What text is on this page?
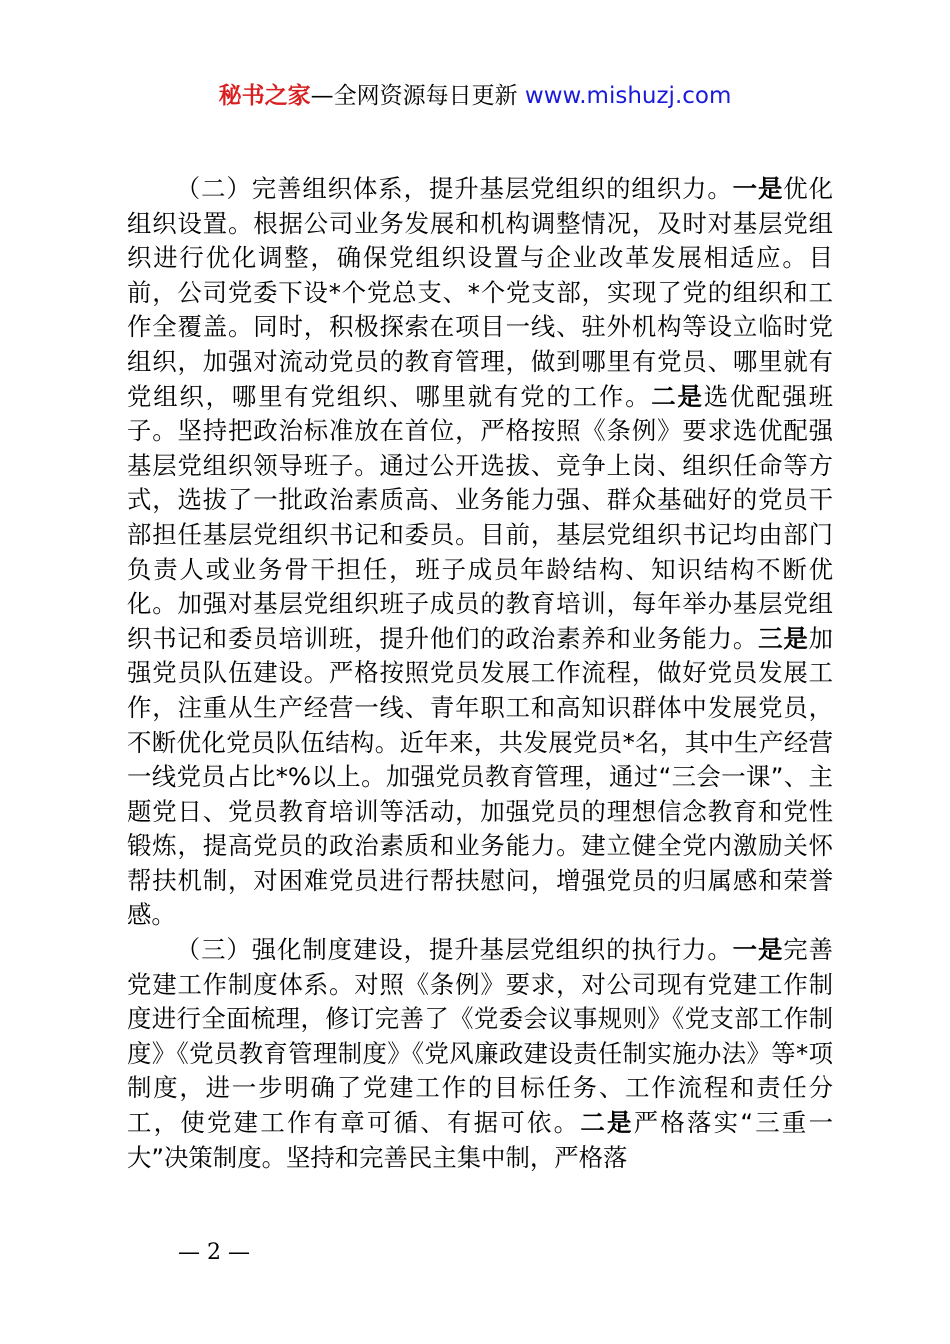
秘书之家—全网资源每日更新 www.mishuzj.com

（二）完善组织体系，提升基层党组织的组织力。一是优化组织设置。根据公司业务发展和机构调整情况，及时对基层党组织进行优化调整，确保党组织设置与企业改革发展相适应。目前，公司党委下设*个党总支、*个党支部，实现了党的组织和工作全覆盖。同时，积极探索在项目一线、驻外机构等设立临时党组织，加强对流动党员的教育管理，做到哪里有党员、哪里就有党组织，哪里有党组织、哪里就有党的工作。二是选优配强班子。坚持把政治标准放在首位，严格按照《条例》要求选优配强基层党组织领导班子。通过公开选拔、竞争上岗、组织任命等方式，选拔了一批政治素质高、业务能力强、群众基础好的党员干部担任基层党组织书记和委员。目前，基层党组织书记均由部门负责人或业务骨干担任，班子成员年龄结构、知识结构不断优化。加强对基层党组织班子成员的教育培训，每年举办基层党组织书记和委员培训班，提升他们的政治素养和业务能力。三是加强党员队伍建设。严格按照党员发展工作流程，做好党员发展工作，注重从生产经营一线、青年职工和高知识群体中发展党员，不断优化党员队伍结构。近年来，共发展党员*名，其中生产经营一线党员占比*%以上。加强党员教育管理，通过“三会一课”、主题党日、党员教育培训等活动，加强党员的理想信念教育和党性锻炼，提高党员的政治素质和业务能力。建立健全党内激励关怀帮扶机制，对困难党员进行帮扶慰问，增强党员的归属感和荣誉感。

（三）强化制度建设，提升基层党组织的执行力。一是完善党建工作制度体系。对照《条例》要求，对公司现有党建工作制度进行全面梳理，修订完善了《党委会议事规则》《党支部工作制度》《党员教育管理制度》《党风廉政建设责任制实施办法》等*项制度，进一步明确了党建工作的目标任务、工作流程和责任分工，使党建工作有章可循、有据可依。二是严格落实“三重一大”决策制度。坚持和完善民主集中制，严格落

— 2 —
